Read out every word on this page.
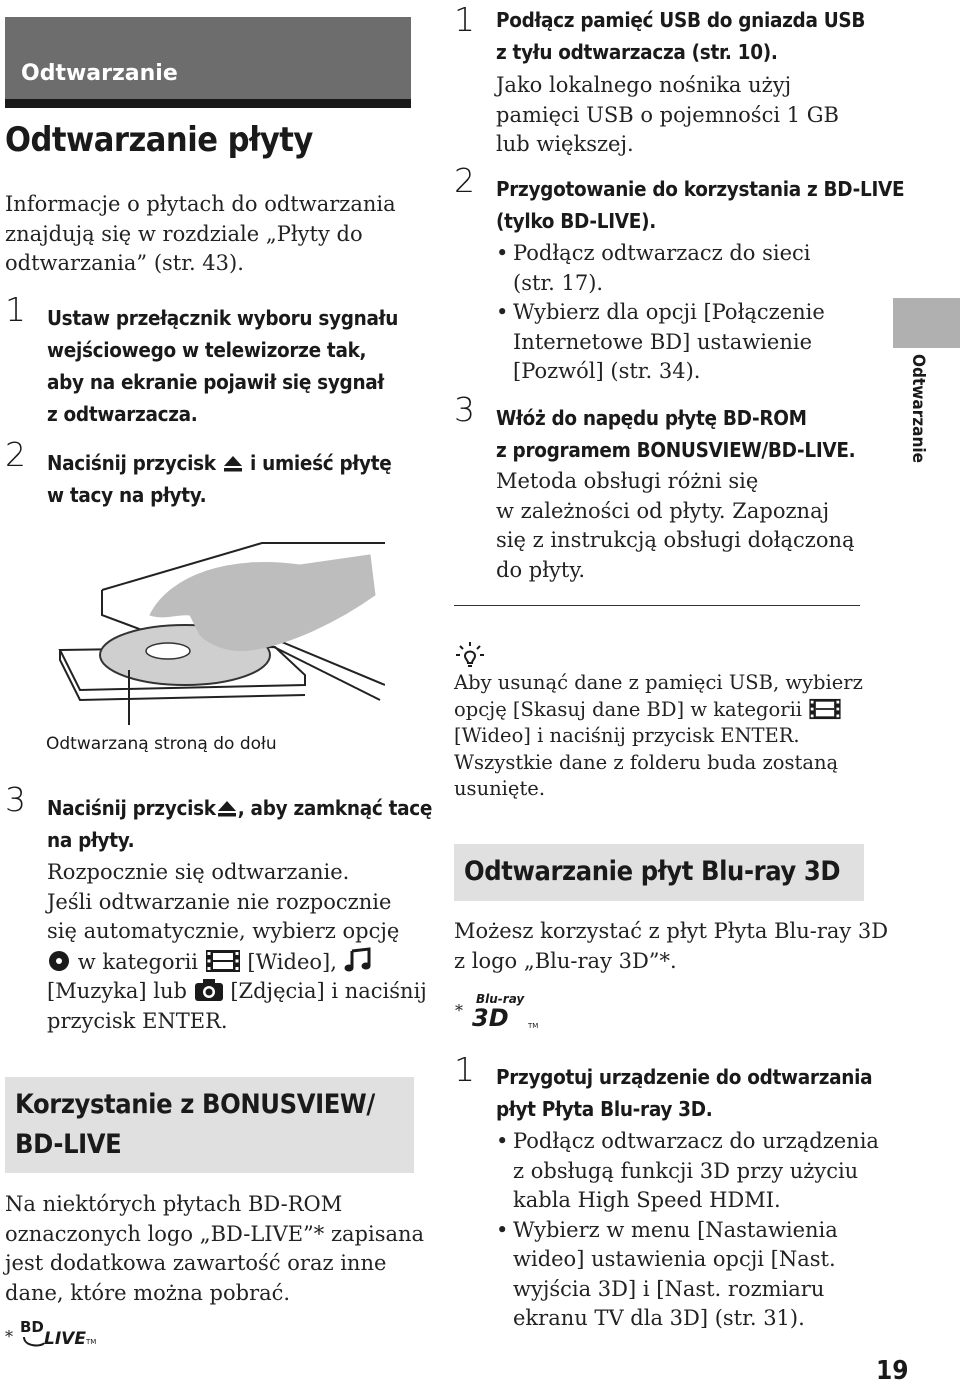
Odtwarzanie
Odtwarzanie płyty
Informacje o płytach do odtwarzania
znajdują się w rozdziale „Płyty do
odtwarzania” (str. 43).
1 Ustaw przełącznik wyboru sygnału
wejściowego w telewizorze tak,
aby na ekranie pojawił się sygnał
z odtwarzacza.
2 Naciśnij przycisk i umieść płytę
w tacy na płyty.
Odtwarzaną stroną do dołu
3 Naciśnij przycisk , aby zamknąć tacę
na płyty.
Rozpocznie się odtwarzanie.
Jeśli odtwarzanie nie rozpocznie
się automatycznie, wybierz opcję
w kategorii [Wideo],
[Muzyka] lub [Zdjęcia] i naciśnij
przycisk ENTER.
Korzystanie z BONUSVIEW/
BD-LIVE
Na niektórych płytach BD-ROM
oznaczonych logo „BD-LIVE”* zapisana
jest dodatkowa zawartość oraz inne
dane, które można pobrać.
* BD
LIVE TM
1 Podłącz pamięć USB do gniazda USB
z tyłu odtwarzacza (str. 10).
Jako lokalnego nośnika użyj
pamięci USB o pojemności 1 GB
lub większej.
2 Przygotowanie do korzystania z BD-LIVE
(tylko BD-LIVE).
• Podłącz odtwarzacz do sieci
(str. 17).
• Wybierz dla opcji [Połączenie
Internetowe BD] ustawienie
[Pozwól] (str. 34).
3 Włóż do napędu płytę BD-ROM
z programem BONUSVIEW/BD-LIVE.
Metoda obsługi różni się
w zależności od płyty. Zapoznaj
się z instrukcją obsługi dołączoną
do płyty.
Aby usunąć dane z pamięci USB, wybierz
opcję [Skasuj dane BD] w kategorii
[Wideo] i naciśnij przycisk ENTER.
Wszystkie dane z folderu buda zostaną
usunięte.
Odtwarzanie płyt Blu-ray 3D
Możesz korzystać z płyt Płyta Blu-ray 3D
z logo „Blu-ray 3D”*.
*
Blu-ray
3D	TM
1 Przygotuj urządzenie do odtwarzania
płyt Płyta Blu-ray 3D.
• Podłącz odtwarzacz do urządzenia
z obsługą funkcji 3D przy użyciu
kabla High Speed HDMI.
• Wybierz w menu [Nastawienia
wideo] ustawienia opcji [Nast.
wyjścia 3D] i [Nast. rozmiaru
ekranu TV dla 3D] (str. 31).
Odtwarzanie
19
